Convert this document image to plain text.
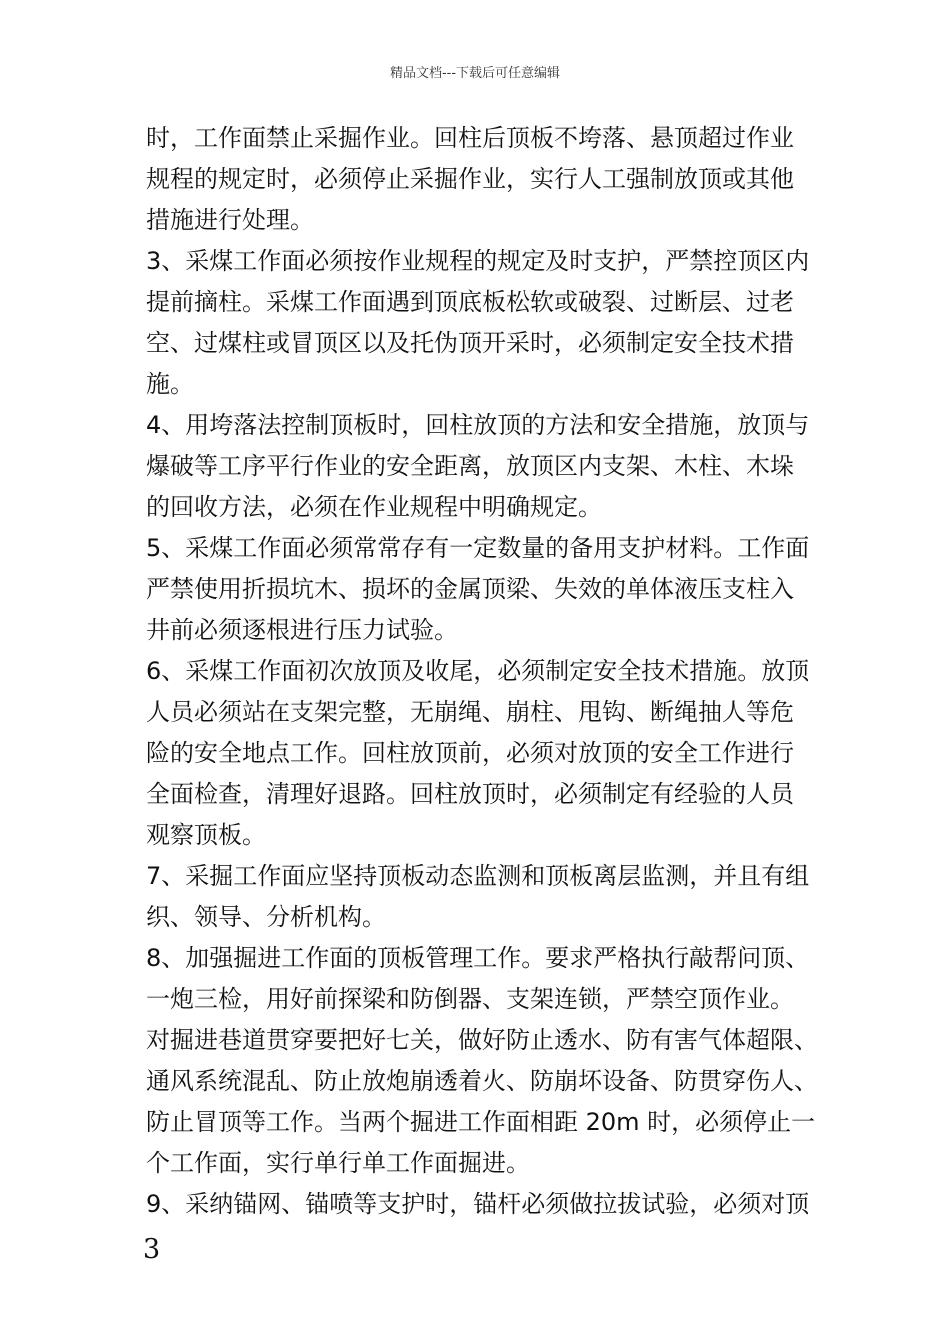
精品文档---下载后可任意编辑
时，工作面禁止采掘作业。回柱后顶板不垮落、悬顶超过作业
规程的规定时，必须停止采掘作业，实行人工强制放顶或其他
措施进行处理。
3、采煤工作面必须按作业规程的规定及时支护，严禁控顶区内
提前摘柱。采煤工作面遇到顶底板松软或破裂、过断层、过老
空、过煤柱或冒顶区以及托伪顶开采时，必须制定安全技术措
施。
4、用垮落法控制顶板时，回柱放顶的方法和安全措施，放顶与
爆破等工序平行作业的安全距离，放顶区内支架、木柱、木垛
的回收方法，必须在作业规程中明确规定。
5、采煤工作面必须常常存有一定数量的备用支护材料。工作面
严禁使用折损坑木、损坏的金属顶梁、失效的单体液压支柱入
井前必须逐根进行压力试验。
6、采煤工作面初次放顶及收尾，必须制定安全技术措施。放顶
人员必须站在支架完整，无崩绳、崩柱、甩钩、断绳抽人等危
险的安全地点工作。回柱放顶前，必须对放顶的安全工作进行
全面检查，清理好退路。回柱放顶时，必须制定有经验的人员
观察顶板。
7、采掘工作面应坚持顶板动态监测和顶板离层监测，并且有组
织、领导、分析机构。
8、加强掘进工作面的顶板管理工作。要求严格执行敲帮问顶、
一炮三检，用好前探梁和防倒器、支架连锁，严禁空顶作业。
对掘进巷道贯穿要把好七关，做好防止透水、防有害气体超限、
通风系统混乱、防止放炮崩透着火、防崩坏设备、防贯穿伤人、
防止冒顶等工作。当两个掘进工作面相距 20m 时，必须停止一
个工作面，实行单行单工作面掘进。
9、采纳锚网、锚喷等支护时，锚杆必须做拉拔试验，必须对顶
3
